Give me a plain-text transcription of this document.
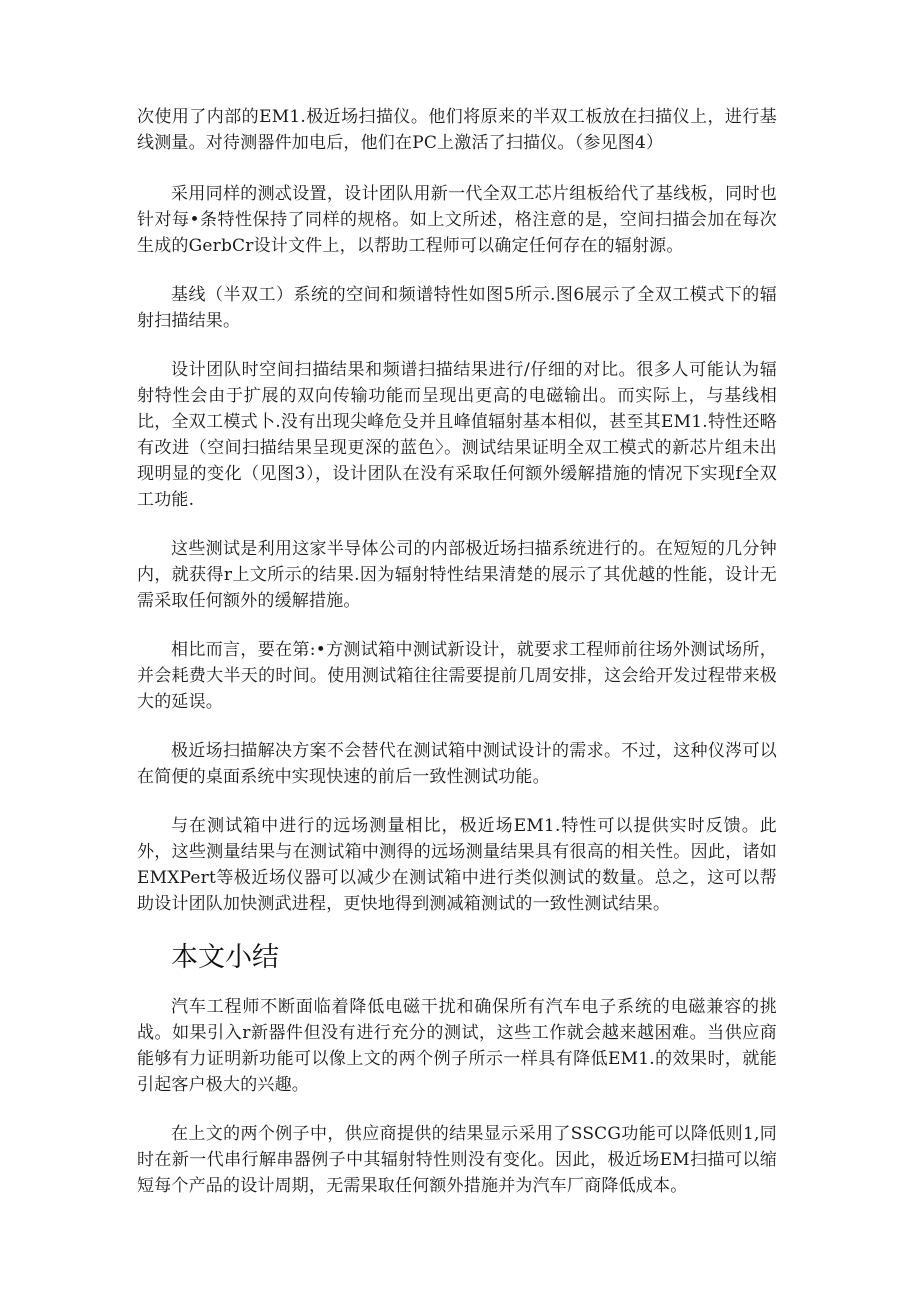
次使用了内部的EM1.极近场扫描仪。他们将原来的半双工板放在扫描仪上，进行基线测量。对待测器件加电后，他们在PC上激活了扫描仪。（参见图4）

采用同样的测忒设置，设计团队用新一代全双工芯片组板给代了基线板，同时也针对每•条特性保持了同样的规格。如上文所述，格注意的是，空间扫描会加在每次生成的GerbCr设计文件上，以帮助工程师可以确定任何存在的辐射源。

基线（半双工）系统的空间和频谱特性如图5所示.图6展示了全双工模式下的辐射扫描结果。

设计团队时空间扫描结果和频谱扫描结果进行/仔细的对比。很多人可能认为辐射特性会由于扩展的双向传输功能而呈现出更高的电磁输出。而实际上，与基线相比，全双工模式卜.没有出现尖峰危殳并且峰值辐射基本相似，甚至其EM1.特性还略有改进（空间扫描结果呈现更深的蓝色〉。测试结果证明全双工模式的新芯片组未出现明显的变化（见图3），设计团队在没有采取任何额外缓解措施的情况下实现f全双工功能.

这些测试是利用这家半导体公司的内部极近场扫描系统进行的。在短短的几分钟内，就获得r上文所示的结果.因为辐射特性结果清楚的展示了其优越的性能，设计无需采取任何额外的缓解措施。

相比而言，要在第:•方测试箱中测试新设计，就要求工程师前往场外测试场所，并会耗费大半天的时间。使用测试箱往往需要提前几周安排，这会给开发过程带来极大的延误。

极近场扫描解决方案不会替代在测试箱中测试设计的需求。不过，这种仪涔可以在简便的桌面系统中实现快速的前后一致性测试功能。

与在测试箱中进行的远场测量相比，极近场EM1.特性可以提供实时反馈。此外，这些测量结果与在测试箱中测得的远场测量结果具有很高的相关性。因此，诸如EMXPert等极近场仪器可以减少在测试箱中进行类似测试的数量。总之，这可以帮助设计团队加快测武进程，更快地得到测减箱测试的一致性测试结果。

本文小结

汽车工程师不断面临着降低电磁干扰和确保所有汽车电子系统的电磁兼容的挑战。如果引入r新器件但没有进行充分的测试，这些工作就会越来越困难。当供应商能够有力证明新功能可以像上文的两个例子所示一样具有降低EM1.的效果时，就能引起客户极大的兴趣。

在上文的两个例子中，供应商提供的结果显示采用了SSCG功能可以降低则1,同时在新一代串行解串器例子中其辐射特性则没有变化。因此，极近场EM扫描可以缩短每个产品的设计周期，无需果取任何额外措施并为汽车厂商降低成本。
